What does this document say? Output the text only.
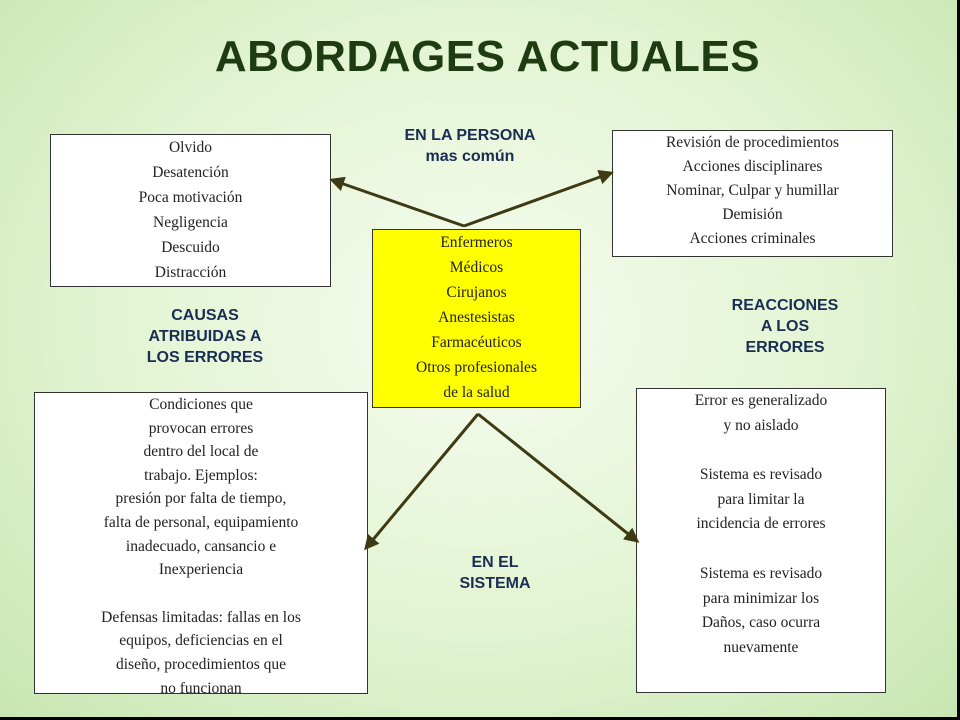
ABORDAGES ACTUALES
EN LA PERSONA
mas común
CAUSAS
ATRIBUIDAS A
LOS ERRORES
REACCIONES
A LOS
ERRORES
EN EL
SISTEMA
Olvido
Desatención
Poca motivación
Negligencia
Descuido
Distracción
Revisión de procedimientos
Acciones disciplinares
Nominar, Culpar y humillar
Demisión
Acciones criminales
Enfermeros
Médicos
Cirujanos
Anestesistas
Farmacéuticos
Otros profesionales
de la salud
Condiciones que
provocan errores
dentro del local de
trabajo. Ejemplos:
presión por falta de tiempo,
falta de personal, equipamiento
inadecuado, cansancio e
Inexperiencia
Defensas limitadas: fallas en los
equipos, deficiencias en el
diseño, procedimientos que
no funcionan
Error es generalizado
y no aislado
Sistema es revisado
para limitar la
incidencia de errores
Sistema es revisado
para minimizar los
Daños, caso ocurra
nuevamente
